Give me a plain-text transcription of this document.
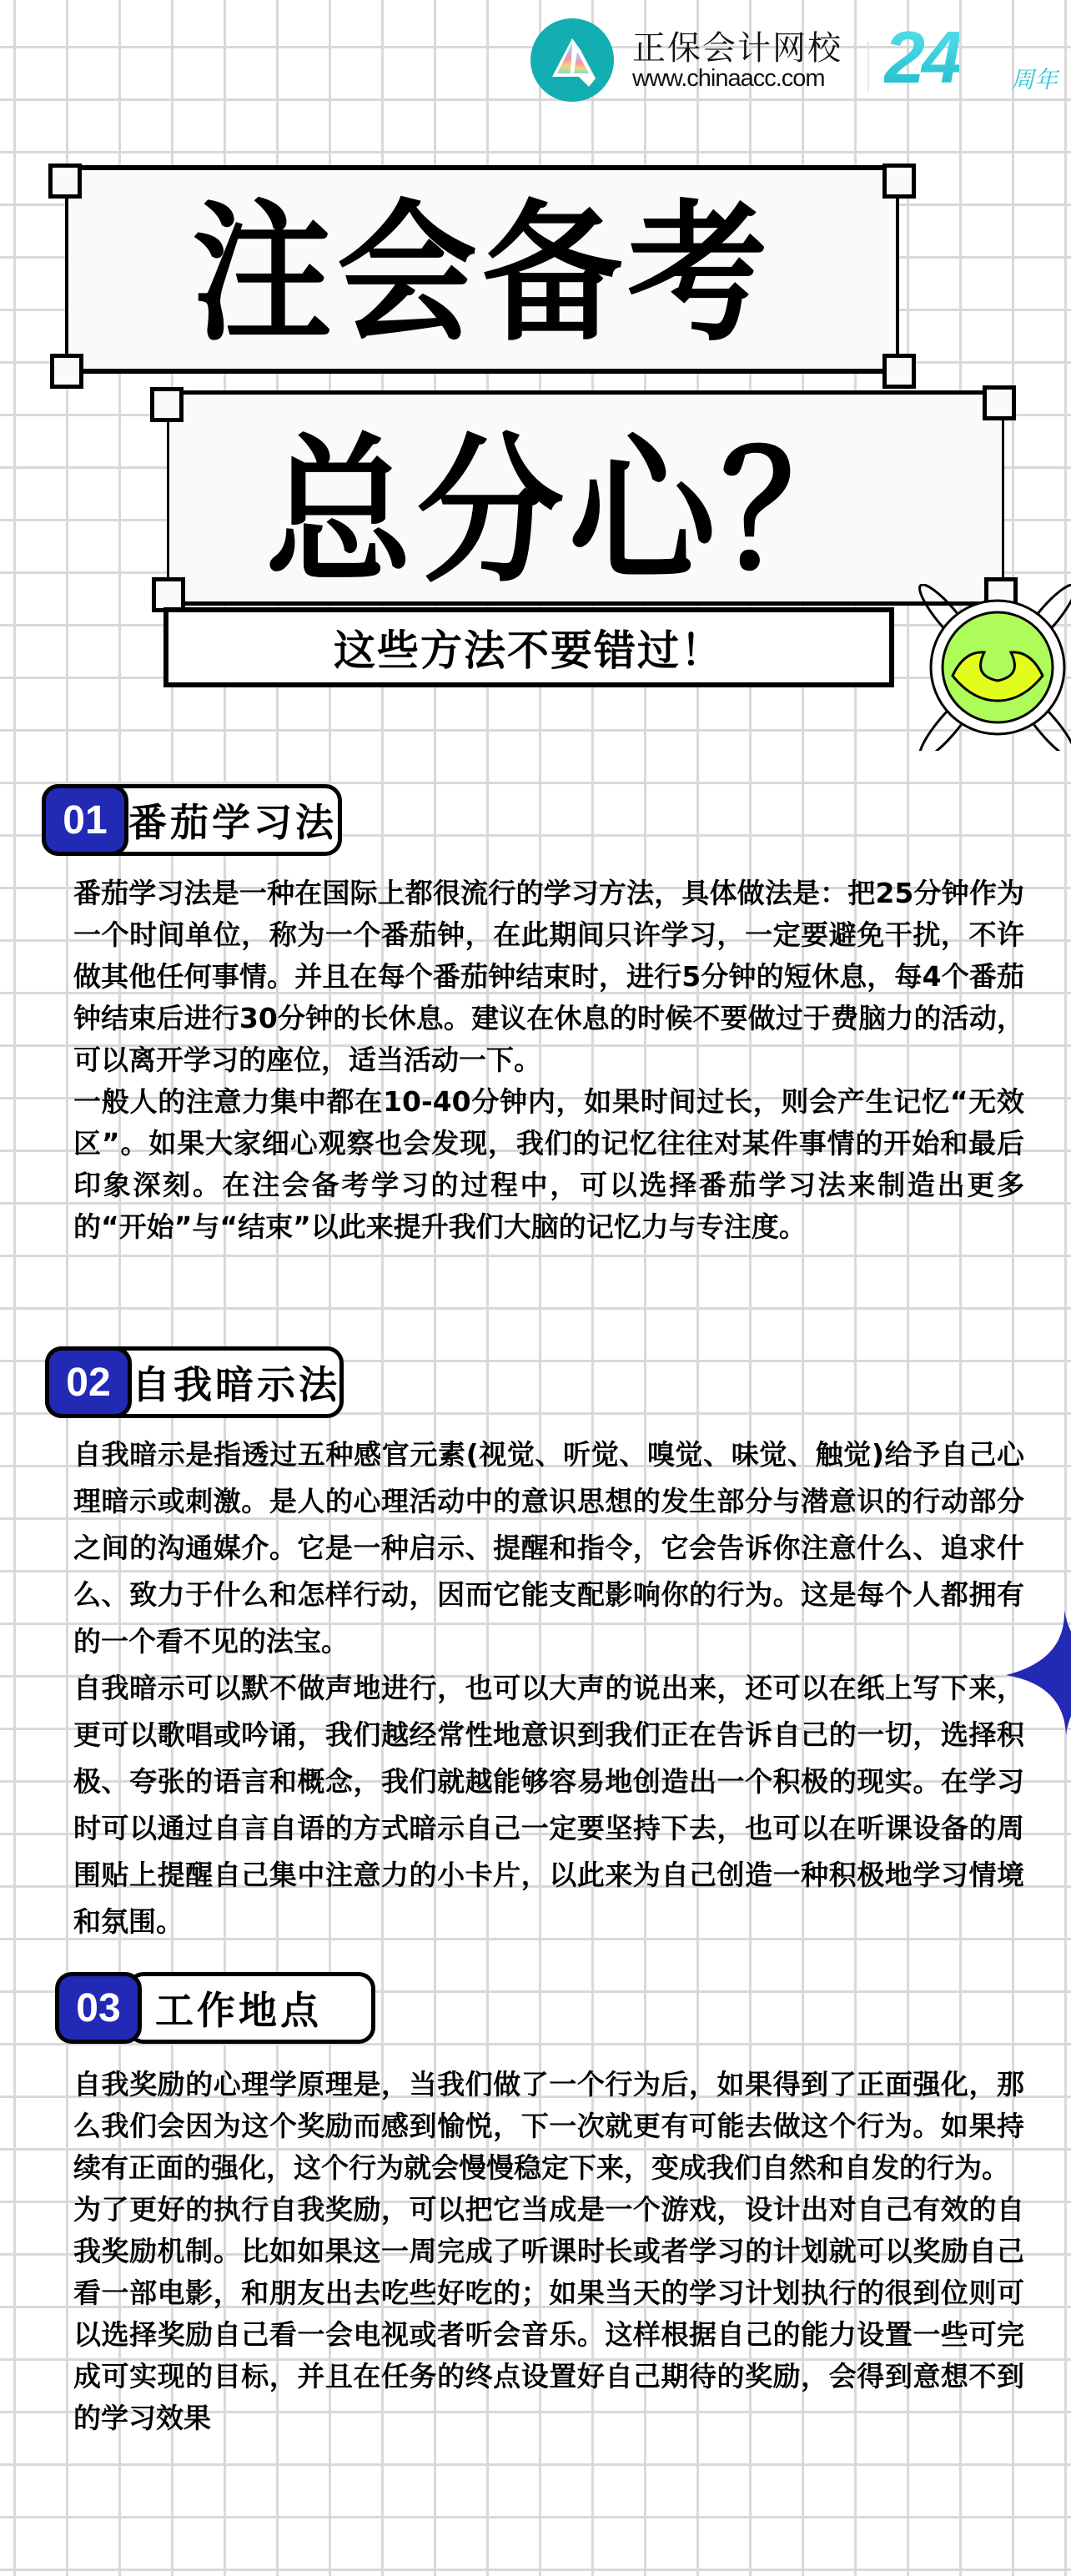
正保会计网校
www.chinaacc.com 24 周年
注会备考
总分心？
这些方法不要错过！
01 番茄学习法

番茄学习法是一种在国际上都很流行的学习方法，具体做法是：把25分钟作为一个时间单位，称为一个番茄钟，在此期间只许学习，一定要避免干扰，不许做其他任何事情。并且在每个番茄钟结束时，进行5分钟的短休息，每4个番茄钟结束后进行30分钟的长休息。建议在休息的时候不要做过于费脑力的活动，可以离开学习的座位，适当活动一下。

一般人的注意力集中都在10-40分钟内，如果时间过长，则会产生记忆“无效区”。如果大家细心观察也会发现，我们的记忆往往对某件事情的开始和最后印象深刻。在注会备考学习的过程中，可以选择番茄学习法来制造出更多的“开始”与“结束”以此来提升我们大脑的记忆力与专注度。

02 自我暗示法

自我暗示是指透过五种感官元素(视觉、听觉、嗅觉、味觉、触觉)给予自己心理暗示或刺激。是人的心理活动中的意识思想的发生部分与潜意识的行动部分之间的沟通媒介。它是一种启示、提醒和指令，它会告诉你注意什么、追求什么、致力于什么和怎样行动，因而它能支配影响你的行为。这是每个人都拥有的一个看不见的法宝。

自我暗示可以默不做声地进行，也可以大声的说出来，还可以在纸上写下来，更可以歌唱或吟诵，我们越经常性地意识到我们正在告诉自己的一切，选择积极、夸张的语言和概念，我们就越能够容易地创造出一个积极的现实。在学习时可以通过自言自语的方式暗示自己一定要坚持下去，也可以在听课设备的周围贴上提醒自己集中注意力的小卡片，以此来为自己创造一种积极地学习情境和氛围。

03 工作地点

自我奖励的心理学原理是，当我们做了一个行为后，如果得到了正面强化，那么我们会因为这个奖励而感到愉悦，下一次就更有可能去做这个行为。如果持续有正面的强化，这个行为就会慢慢稳定下来，变成我们自然和自发的行为。

为了更好的执行自我奖励，可以把它当成是一个游戏，设计出对自己有效的自我奖励机制。比如如果这一周完成了听课时长或者学习的计划就可以奖励自己看一部电影，和朋友出去吃些好吃的；如果当天的学习计划执行的很到位则可以选择奖励自己看一会电视或者听会音乐。这样根据自己的能力设置一些可完成可实现的目标，并且在任务的终点设置好自己期待的奖励，会得到意想不到的学习效果
